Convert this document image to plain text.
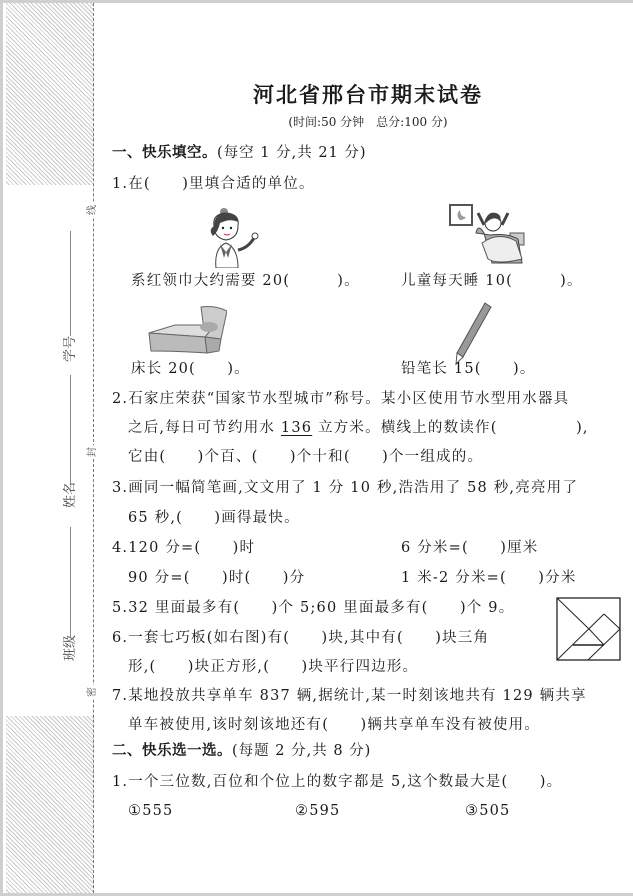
线
封
密
学号
姓名
班级
河北省邢台市期末试卷
(时间:50 分钟　总分:100 分)
一、快乐填空。(每空 1 分,共 21 分)
1.在(　　)里填合适的单位。
系红领巾大约需要 20(　　　)。	儿童每天睡 10(　　　)。
床长 20(　　)。	铅笔长 15(　　)。
2.石家庄荣获“国家节水型城市”称号。某小区使用节水型用水器具
之后,每日可节约用水 136 立方米。横线上的数读作(　　　　　),
它由(　　)个百、(　　)个十和(　　)个一组成的。
3.画同一幅简笔画,文文用了 1 分 10 秒,浩浩用了 58 秒,亮亮用了
65 秒,(　　)画得最快。
4.120 分=(　　)时	6 分米=(　　)厘米
90 分=(　　)时(　　)分	1 米-2 分米=(　　)分米
5.32 里面最多有(　　)个 5;60 里面最多有(　　)个 9。
6.一套七巧板(如右图)有(　　)块,其中有(　　)块三角
形,(　　)块正方形,(　　)块平行四边形。
7.某地投放共享单车 837 辆,据统计,某一时刻该地共有 129 辆共享
单车被使用,该时刻该地还有(　　)辆共享单车没有被使用。
二、快乐选一选。(每题 2 分,共 8 分)
1.一个三位数,百位和个位上的数字都是 5,这个数最大是(　　)。
①555	②595	③505
